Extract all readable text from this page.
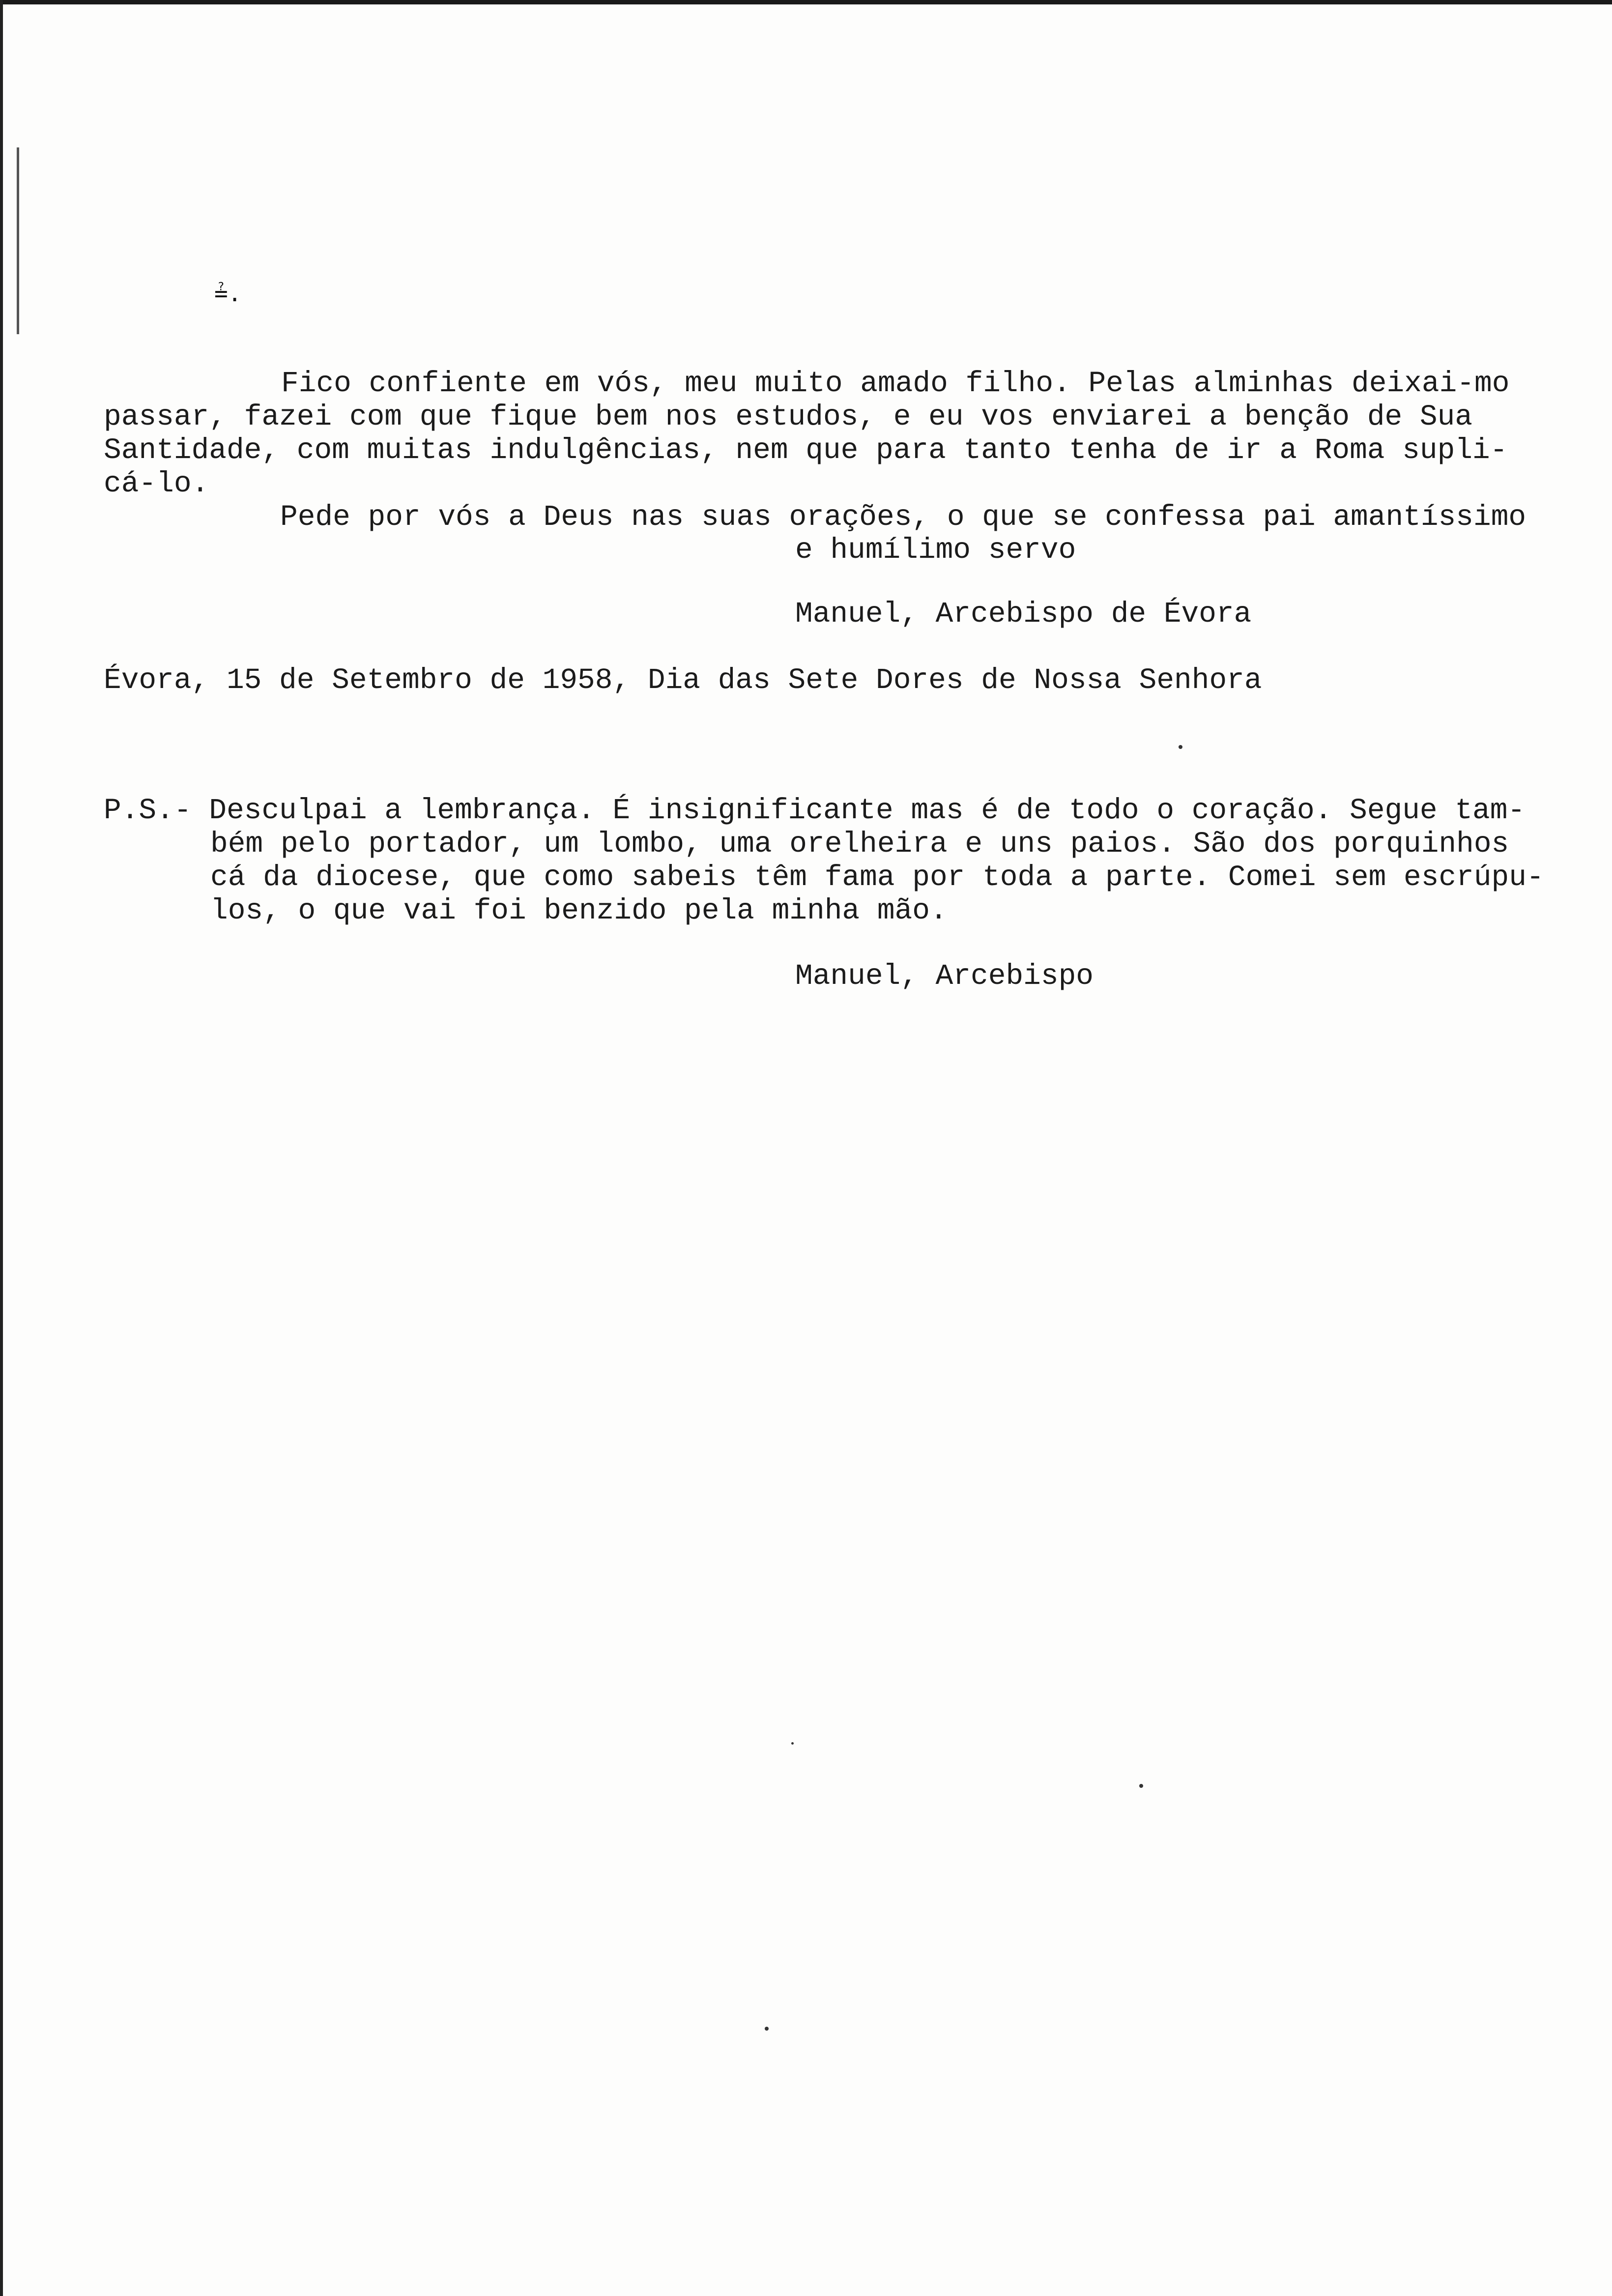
≟.
Fico confiente em vós, meu muito amado filho. Pelas alminhas deixai-mo
passar, fazei com que fique bem nos estudos, e eu vos enviarei a benção de Sua
Santidade, com muitas indulgências, nem que para tanto tenha de ir a Roma supli-
cá-lo.
Pede por vós a Deus nas suas orações, o que se confessa pai amantíssimo
e humílimo servo
Manuel, Arcebispo de Évora
Évora, 15 de Setembro de 1958, Dia das Sete Dores de Nossa Senhora
P.S.- Desculpai a lembrança. É insignificante mas é de todo o coração. Segue tam-
bém pelo portador, um lombo, uma orelheira e uns paios. São dos porquinhos
cá da diocese, que como sabeis têm fama por toda a parte. Comei sem escrúpu-
los, o que vai foi benzido pela minha mão.
Manuel, Arcebispo
